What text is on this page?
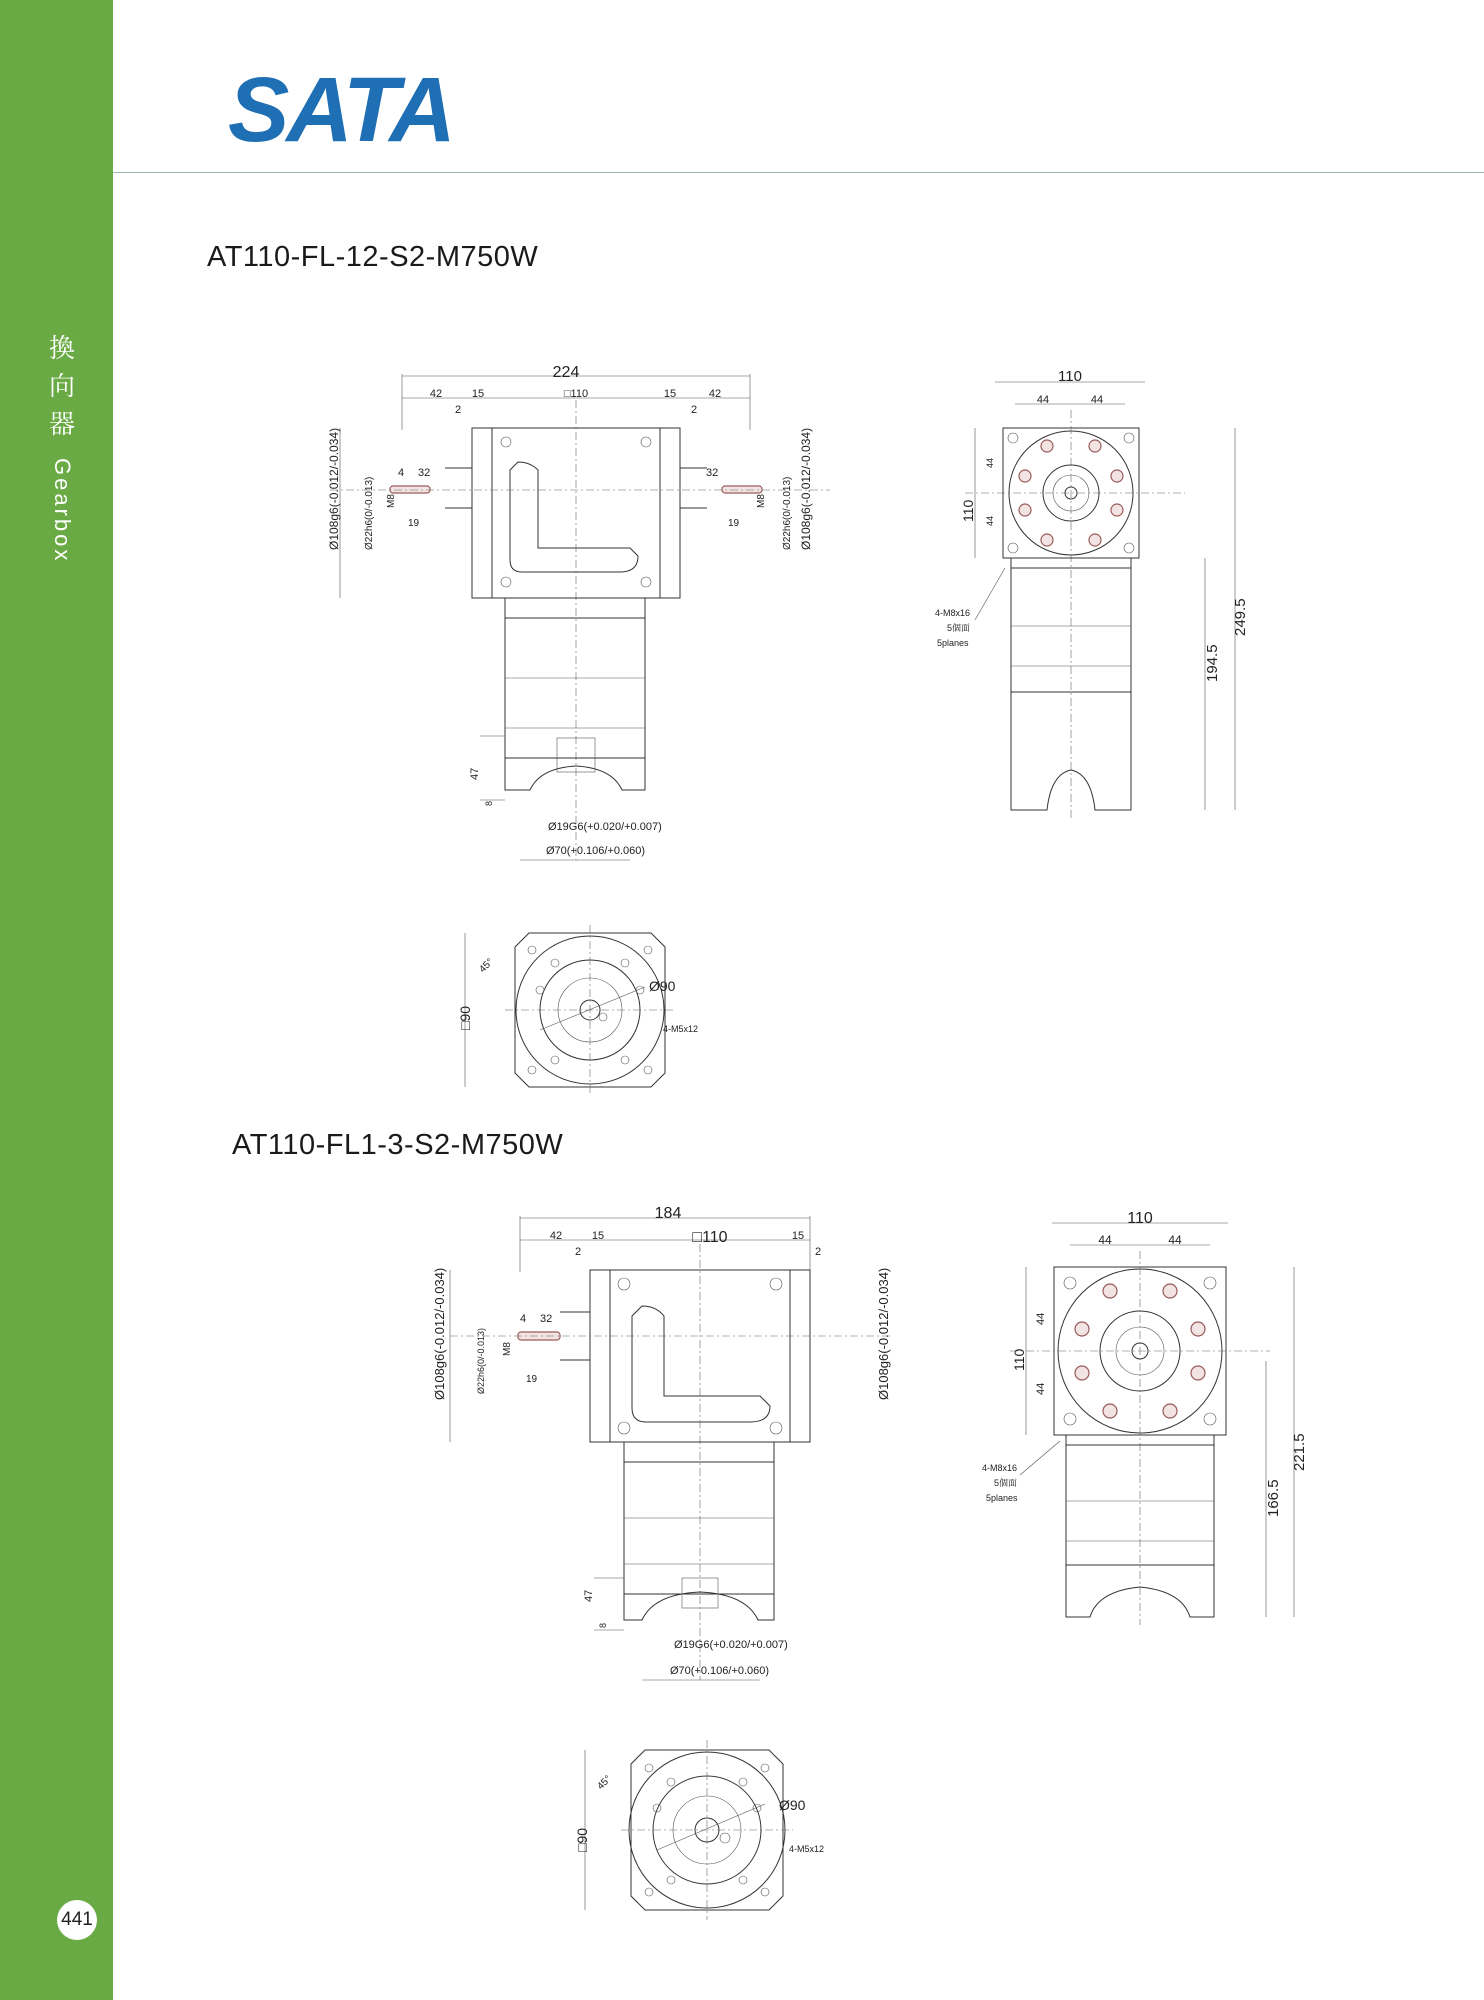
換
向
器
Gearbox
441
SATA
AT110-FL-12-S2-M750W
224
□110
42	15
2
15	42
2
Ø108g6(-0.012/-0.034) Ø22h6(0/-0.013)	Ø22h6(0/-0.013) Ø108g6(-0.012/-0.034)
4 32
19
32
19
M8	M8
47
8
Ø19G6(+0.020/+0.007)
Ø70(+0.106/+0.060)
110
44	44
110
44
44
4-M8x16
5個面
5planes
194.5
249.5
□90
45°
Ø90
4-M5x12
AT110-FL1-3-S2-M750W
184
□110
42	15
2
15
2
Ø108g6(-0.012/-0.034)	Ø22h6(0/-0.013)	Ø108g6(-0.012/-0.034)
4 32
19
M8
47
8
Ø19G6(+0.020/+0.007)
Ø70(+0.106/+0.060)
110
44	44
110
44
44
4-M8x16
5個面
5planes	166.5
221.5
□90
45°
Ø90
4-M5x12
